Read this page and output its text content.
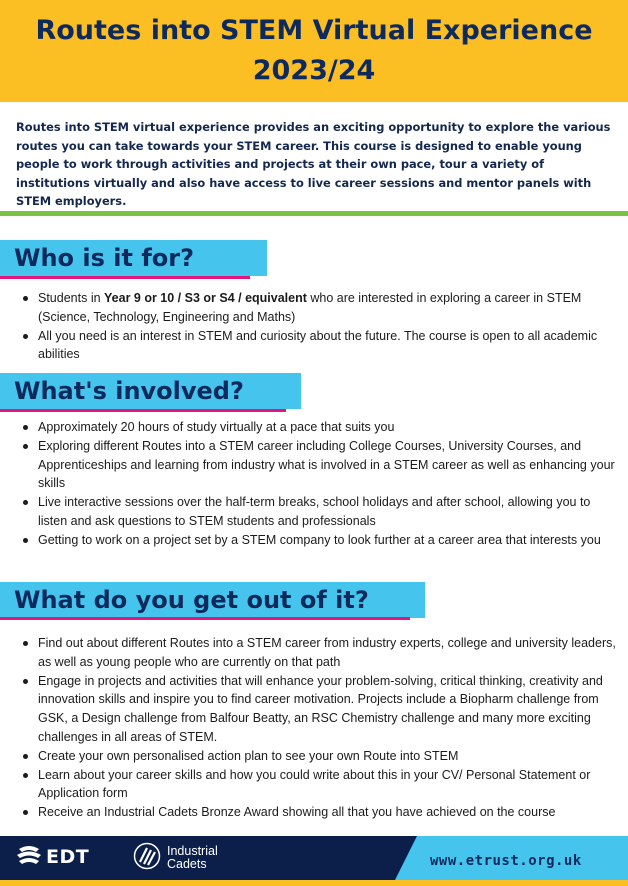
Routes into STEM Virtual Experience 2023/24

Routes into STEM virtual experience provides an exciting opportunity to explore the various routes you can take towards your STEM career. This course is designed to enable young people to work through activities and projects at their own pace, tour a variety of institutions virtually and also have access to live career sessions and mentor panels with STEM employers.

Who is it for?
Students in Year 9 or 10 / S3 or S4 / equivalent who are interested in exploring a career in STEM (Science, Technology, Engineering and Maths)
All you need is an interest in STEM and curiosity about the future. The course is open to all academic abilities
What's involved?
Approximately 20 hours of study virtually at a pace that suits you
Exploring different Routes into a STEM career including College Courses, University Courses, and Apprenticeships and learning from industry what is involved in a STEM career as well as enhancing your skills
Live interactive sessions over the half-term breaks, school holidays and after school, allowing you to listen and ask questions to STEM students and professionals
Getting to work on a project set by a STEM company to look further at a career area that interests you
What do you get out of it?
Find out about different Routes into a STEM career from industry experts, college and university leaders, as well as young people who are currently on that path
Engage in projects and activities that will enhance your problem-solving, critical thinking, creativity and innovation skills and inspire you to find career motivation. Projects include a Biopharm challenge from GSK, a Design challenge from Balfour Beatty, an RSC Chemistry challenge and many more exciting challenges in all areas of STEM.
Create your own personalised action plan to see your own Route into STEM
Learn about your career skills and how you could write about this in your CV/ Personal Statement or Application form
Receive an Industrial Cadets Bronze Award showing all that you have achieved on the course
EDT	Industrial
Cadets	www.etrust.org.uk
